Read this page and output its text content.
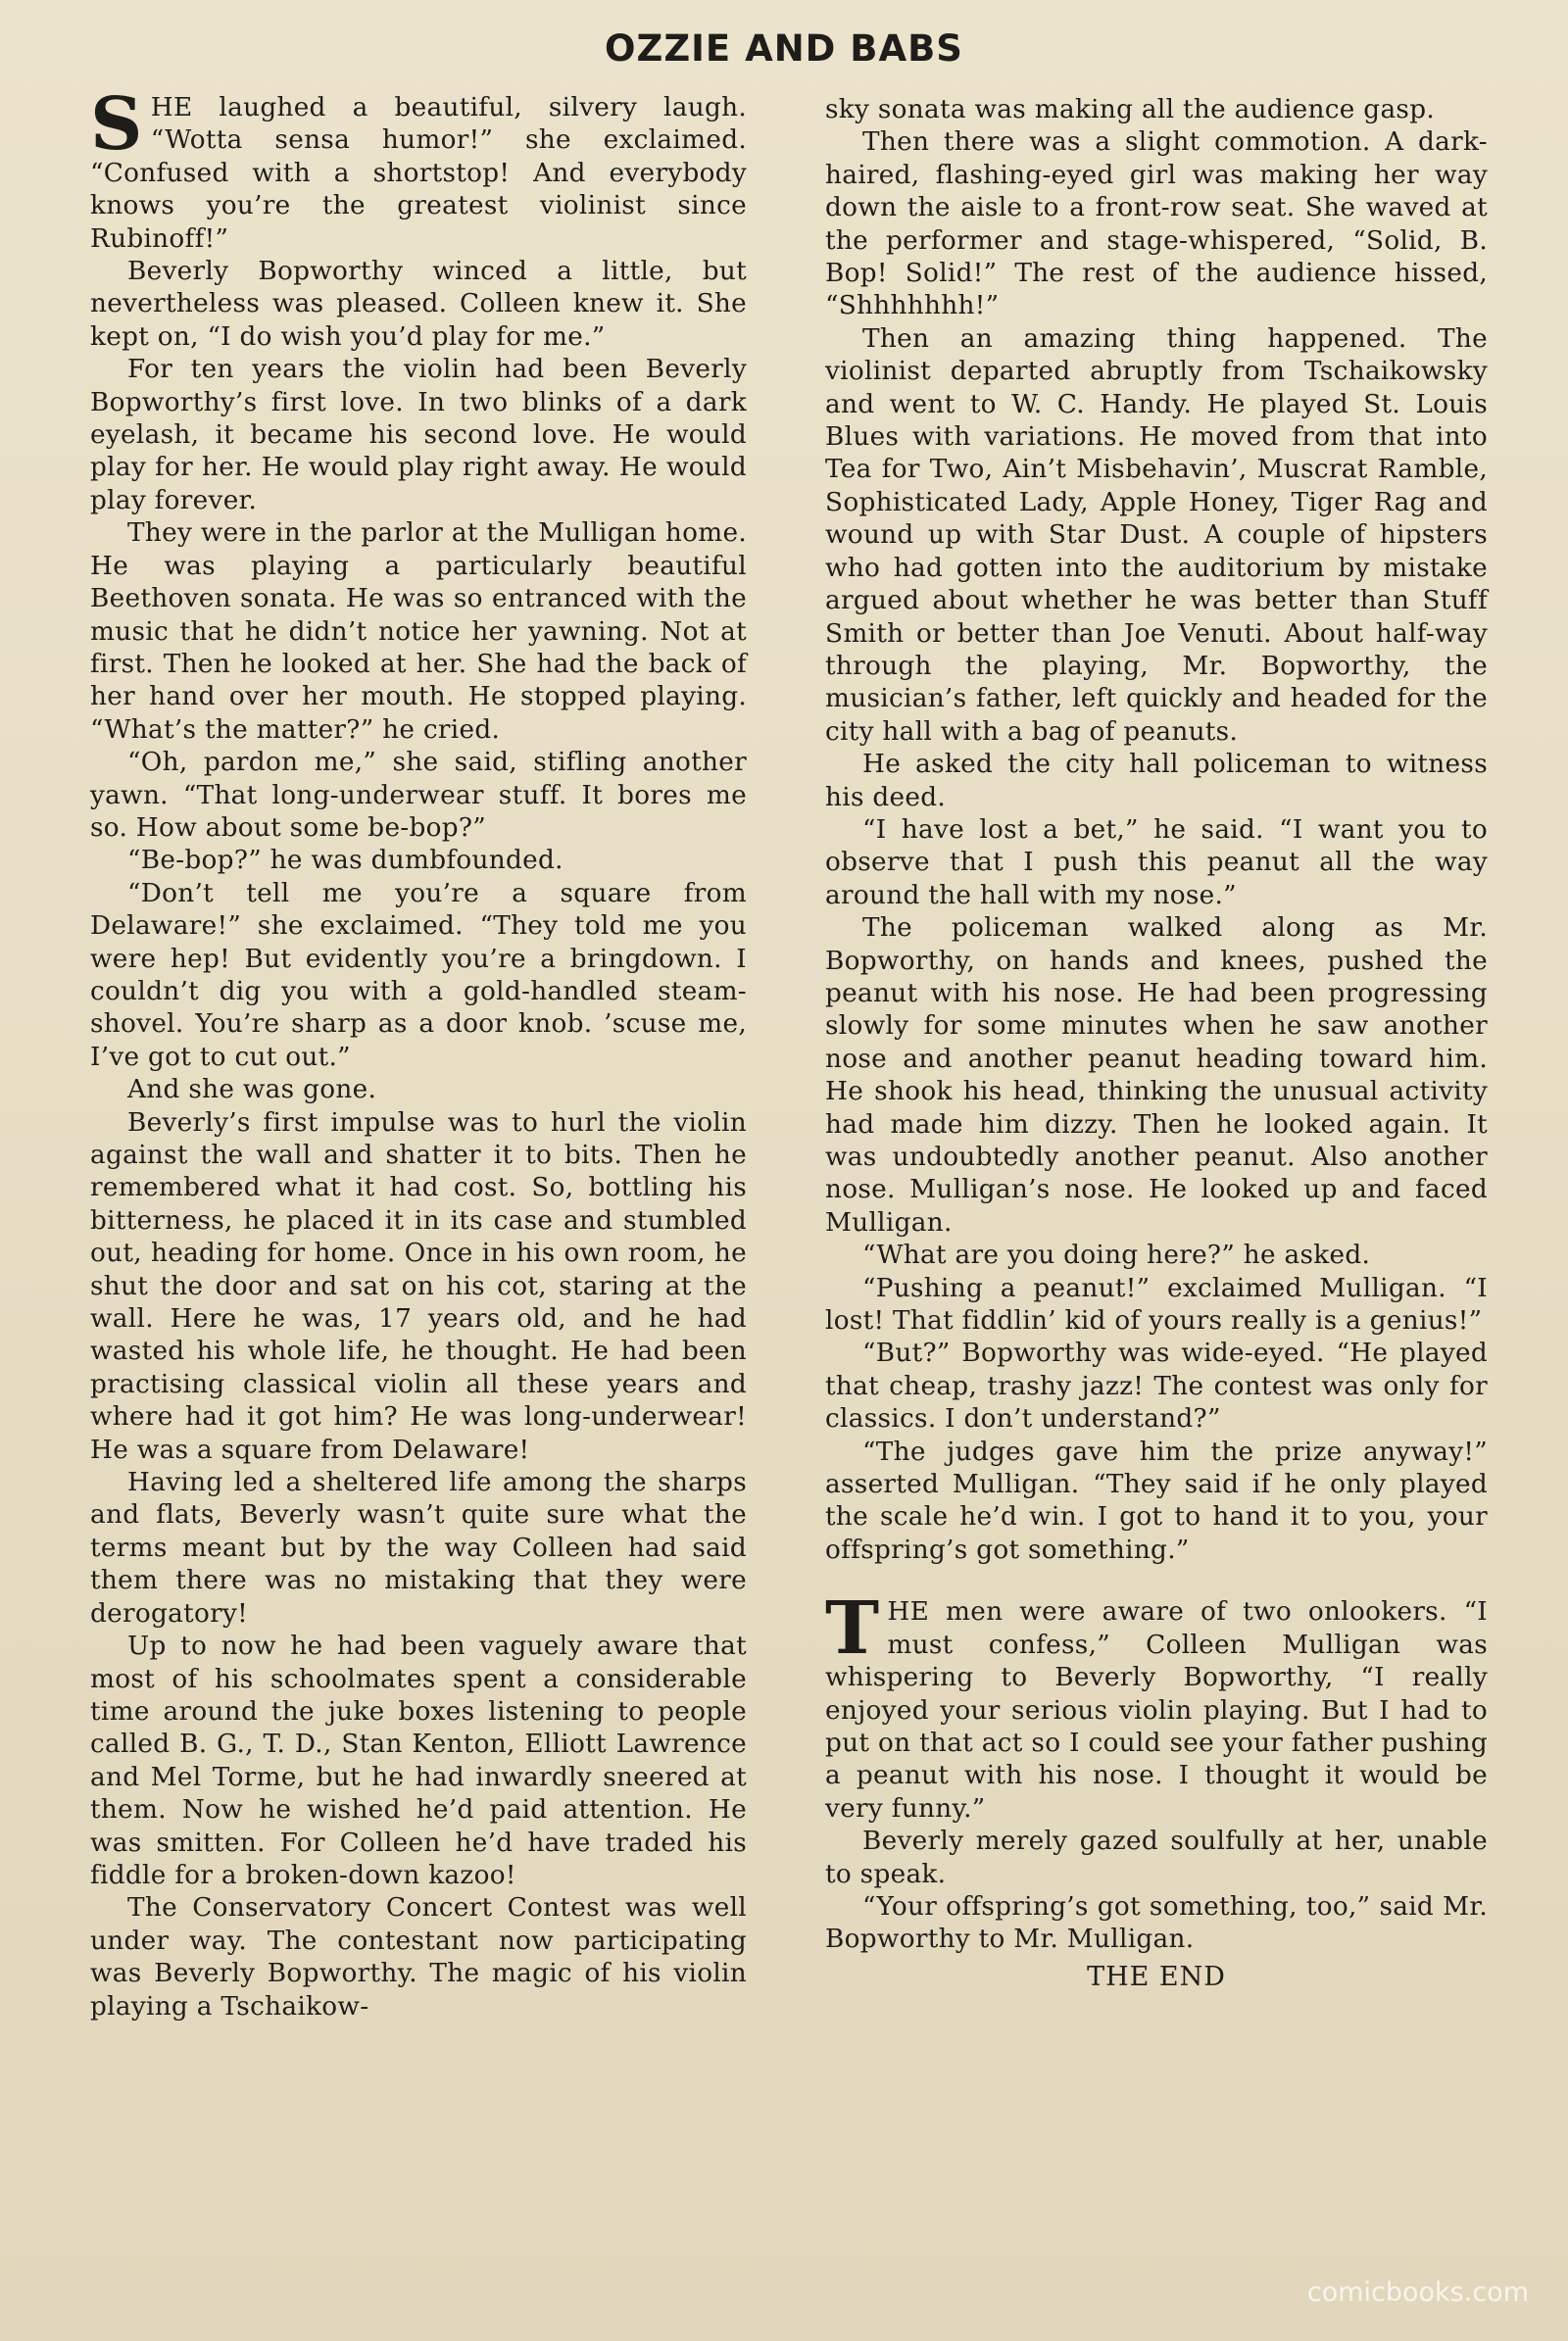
OZZIE AND BABS

SHE laughed a beautiful, silvery laugh. “Wotta sensa humor!” she exclaimed. “Confused with a shortstop! And everybody knows you’re the greatest violinist since Rubinoff!”

Beverly Bopworthy winced a little, but nevertheless was pleased. Colleen knew it. She kept on, “I do wish you’d play for me.”

For ten years the violin had been Beverly Bopworthy’s first love. In two blinks of a dark eyelash, it became his second love. He would play for her. He would play right away. He would play forever.

They were in the parlor at the Mulligan home. He was playing a particularly beautiful Beethoven sonata. He was so entranced with the music that he didn’t notice her yawning. Not at first. Then he looked at her. She had the back of her hand over her mouth. He stopped playing. “What’s the matter?” he cried.

“Oh, pardon me,” she said, stifling another yawn. “That long-underwear stuff. It bores me so. How about some be-bop?”

“Be-bop?” he was dumbfounded.

“Don’t tell me you’re a square from Delaware!” she exclaimed. “They told me you were hep! But evidently you’re a bringdown. I couldn’t dig you with a gold-handled steam-shovel. You’re sharp as a door knob. ’scuse me, I’ve got to cut out.”

And she was gone.

Beverly’s first impulse was to hurl the violin against the wall and shatter it to bits. Then he remembered what it had cost. So, bottling his bitterness, he placed it in its case and stumbled out, heading for home. Once in his own room, he shut the door and sat on his cot, staring at the wall. Here he was, 17 years old, and he had wasted his whole life, he thought. He had been practising classical violin all these years and where had it got him? He was long-underwear! He was a square from Delaware!

Having led a sheltered life among the sharps and flats, Beverly wasn’t quite sure what the terms meant but by the way Colleen had said them there was no mistaking that they were derogatory!

Up to now he had been vaguely aware that most of his schoolmates spent a considerable time around the juke boxes listening to people called B. G., T. D., Stan Kenton, Elliott Lawrence and Mel Torme, but he had inwardly sneered at them. Now he wished he’d paid attention. He was smitten. For Colleen he’d have traded his fiddle for a broken-down kazoo!

The Conservatory Concert Contest was well under way. The contestant now participating was Beverly Bopworthy. The magic of his violin playing a Tschaikow-

sky sonata was making all the audience gasp.

Then there was a slight commotion. A dark-haired, flashing-eyed girl was making her way down the aisle to a front-row seat. She waved at the performer and stage-whispered, “Solid, B. Bop! Solid!” The rest of the audience hissed, “Shhhhhhh!”

Then an amazing thing happened. The violinist departed abruptly from Tschaikowsky and went to W. C. Handy. He played St. Louis Blues with variations. He moved from that into Tea for Two, Ain’t Misbehavin’, Muscrat Ramble, Sophisticated Lady, Apple Honey, Tiger Rag and wound up with Star Dust. A couple of hipsters who had gotten into the auditorium by mistake argued about whether he was better than Stuff Smith or better than Joe Venuti. About half-way through the playing, Mr. Bopworthy, the musician’s father, left quickly and headed for the city hall with a bag of peanuts.

He asked the city hall policeman to witness his deed.

“I have lost a bet,” he said. “I want you to observe that I push this peanut all the way around the hall with my nose.”

The policeman walked along as Mr. Bopworthy, on hands and knees, pushed the peanut with his nose. He had been progressing slowly for some minutes when he saw another nose and another peanut heading toward him. He shook his head, thinking the unusual activity had made him dizzy. Then he looked again. It was undoubtedly another peanut. Also another nose. Mulligan’s nose. He looked up and faced Mulligan.

“What are you doing here?” he asked.

“Pushing a peanut!” exclaimed Mulligan. “I lost! That fiddlin’ kid of yours really is a genius!”

“But?” Bopworthy was wide-eyed. “He played that cheap, trashy jazz! The contest was only for classics. I don’t understand?”

“The judges gave him the prize anyway!” asserted Mulligan. “They said if he only played the scale he’d win. I got to hand it to you, your offspring’s got something.”

THE men were aware of two onlookers. “I must confess,” Colleen Mulligan was whispering to Beverly Bopworthy, “I really enjoyed your serious violin playing. But I had to put on that act so I could see your father pushing a peanut with his nose. I thought it would be very funny.”

Beverly merely gazed soulfully at her, unable to speak.

“Your offspring’s got something, too,” said Mr. Bopworthy to Mr. Mulligan.

THE END
comicbooks.com
